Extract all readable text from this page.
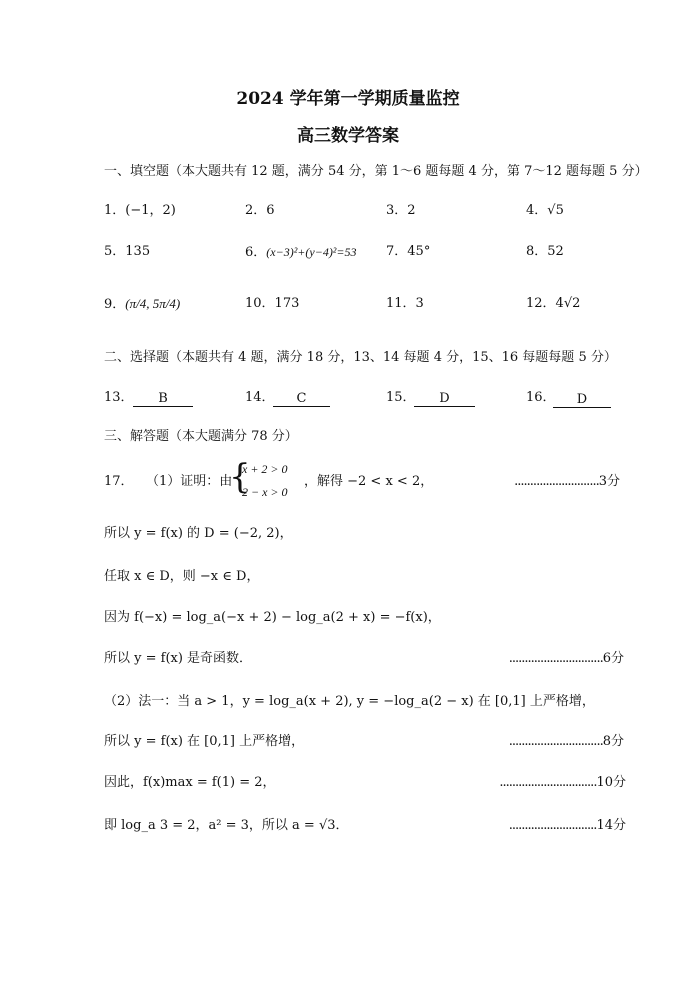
2024 学年第一学期质量监控
高三数学答案
一、填空题（本大题共有 12 题，满分 54 分，第 1～6 题每题 4 分，第 7～12 题每题 5 分）
1．(−1，2)	2．6	3．2	4．√5
5．135	6．(x−3)²+(y−4)²=53 7．45°	8．52
9．(π/4, 5π/4)	10．173	11．3	12．4√2
二、选择题（本题共有 4 题，满分 18 分，13、14 每题 4 分，15、16 每题每题 5 分）
13．	B	14．	C	15．	D	16．	D
三、解答题（本大题满分 78 分）
17． （1）证明：由
{
x + 2 > 0
2 − x > 0
，解得 −2 < x < 2，	...........................3分
所以 y = f(x) 的 D = (−2, 2)，
任取 x ∈ D，则 −x ∈ D，
因为 f(−x) = log_a(−x + 2) − log_a(2 + x) = −f(x)，
所以 y = f(x) 是奇函数．	..............................6分
（2）法一：当 a > 1，y = log_a(x + 2), y = −log_a(2 − x) 在 [0,1] 上严格增，
所以 y = f(x) 在 [0,1] 上严格增，	..............................8分
因此，f(x)max = f(1) = 2，	...............................10分
即 log_a 3 = 2，a² = 3，所以 a = √3．	............................14分
